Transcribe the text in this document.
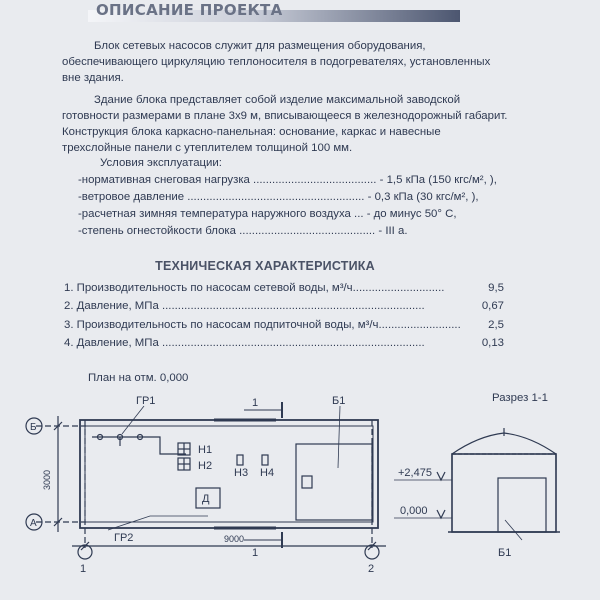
ОПИСАНИЕ ПРОЕКТА

Блок сетевых насосов служит для размещения оборудования,

обеспечивающего циркуляцию теплоносителя в подогревателях, установленных

вне здания.

Здание блока представляет собой изделие максимальной заводской

готовности размерами в плане 3х9 м, вписывающееся в железнодорожный габарит.

Конструкция блока каркасно-панельная: основание, каркас и навесные

трехслойные панели с утеплителем толщиной 100 мм.

Условия эксплуатации:
-нормативная снеговая нагрузка ....................................... - 1,5 кПа (150 кгс/м², ),
-ветровое давление ........................................................ - 0,3 кПа (30 кгс/м², ),
-расчетная зимняя температура наружного воздуха ... - до минус 50° С,
-степень огнестойкости блока ........................................... - III а.
ТЕХНИЧЕСКАЯ ХАРАКТЕРИСТИКА
1. Производительность по насосам сетевой воды, м³/ч.............................	9,5
2. Давление, МПа ...................................................................................	0,67
3. Производительность по насосам подпиточной воды, м³/ч.......................... 2,5
4. Давление, МПа ...................................................................................	0,13
План на отм. 0,000
Разрез 1-1
Б
А
1	2
1
1
ГР1
ГР2
Б1
Н1
Н2
Н3 Н4
Д
9000
3000	+2,475
0,000
Б1
